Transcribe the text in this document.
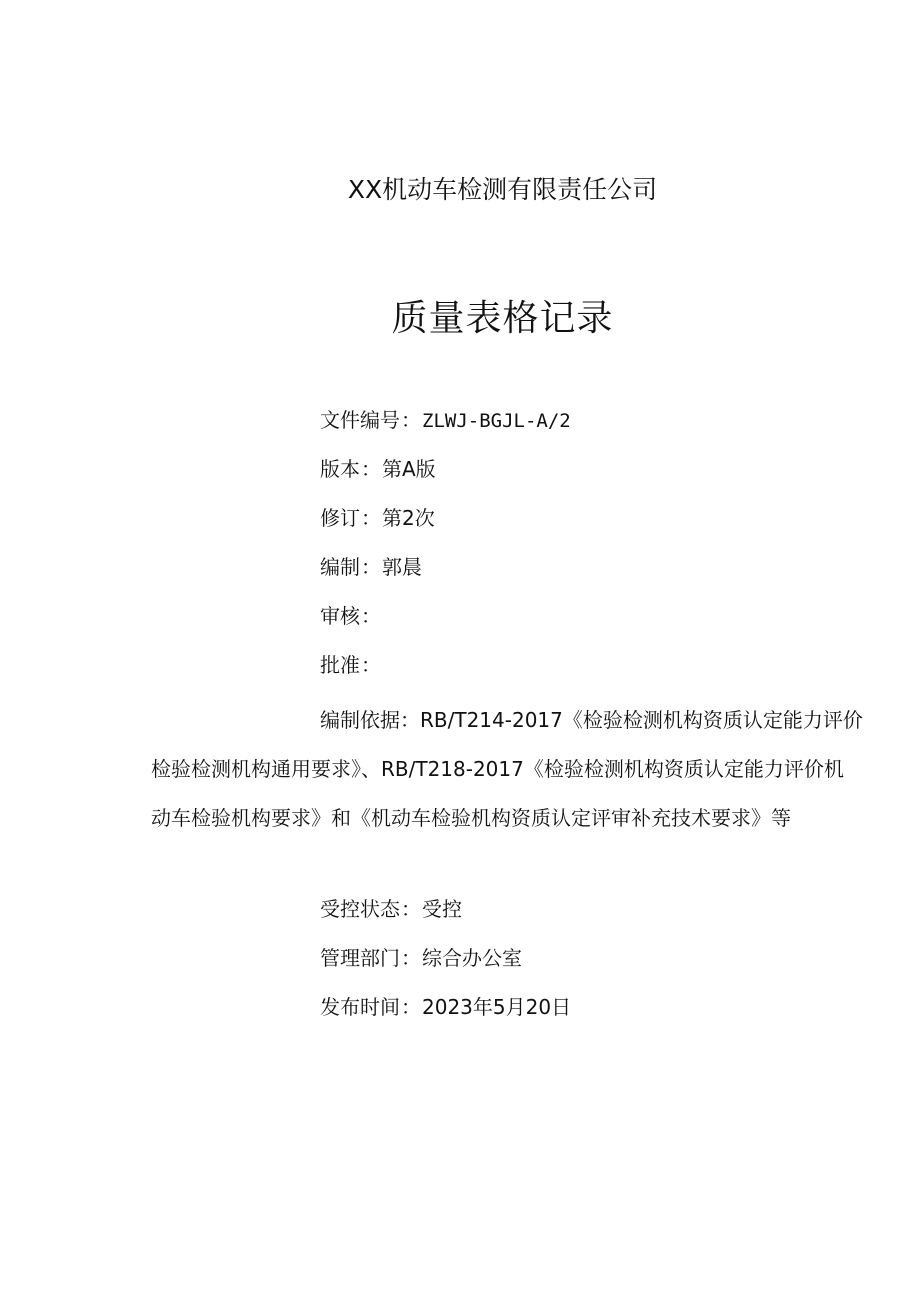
XX机动车检测有限责任公司
质量表格记录
文件编号：ZLWJ-BGJL-A/2
版本：第A版
修订：第2次
编制：郭晨
审核：
批准：
编制依据：RB/T214-2017《检验检测机构资质认定能力评价检验检测机构通用要求》、RB/T218-2017《检验检测机构资质认定能力评价机动车检验机构要求》和《机动车检验机构资质认定评审补充技术要求》等
受控状态：受控
管理部门：综合办公室
发布时间：2023年5月20日
